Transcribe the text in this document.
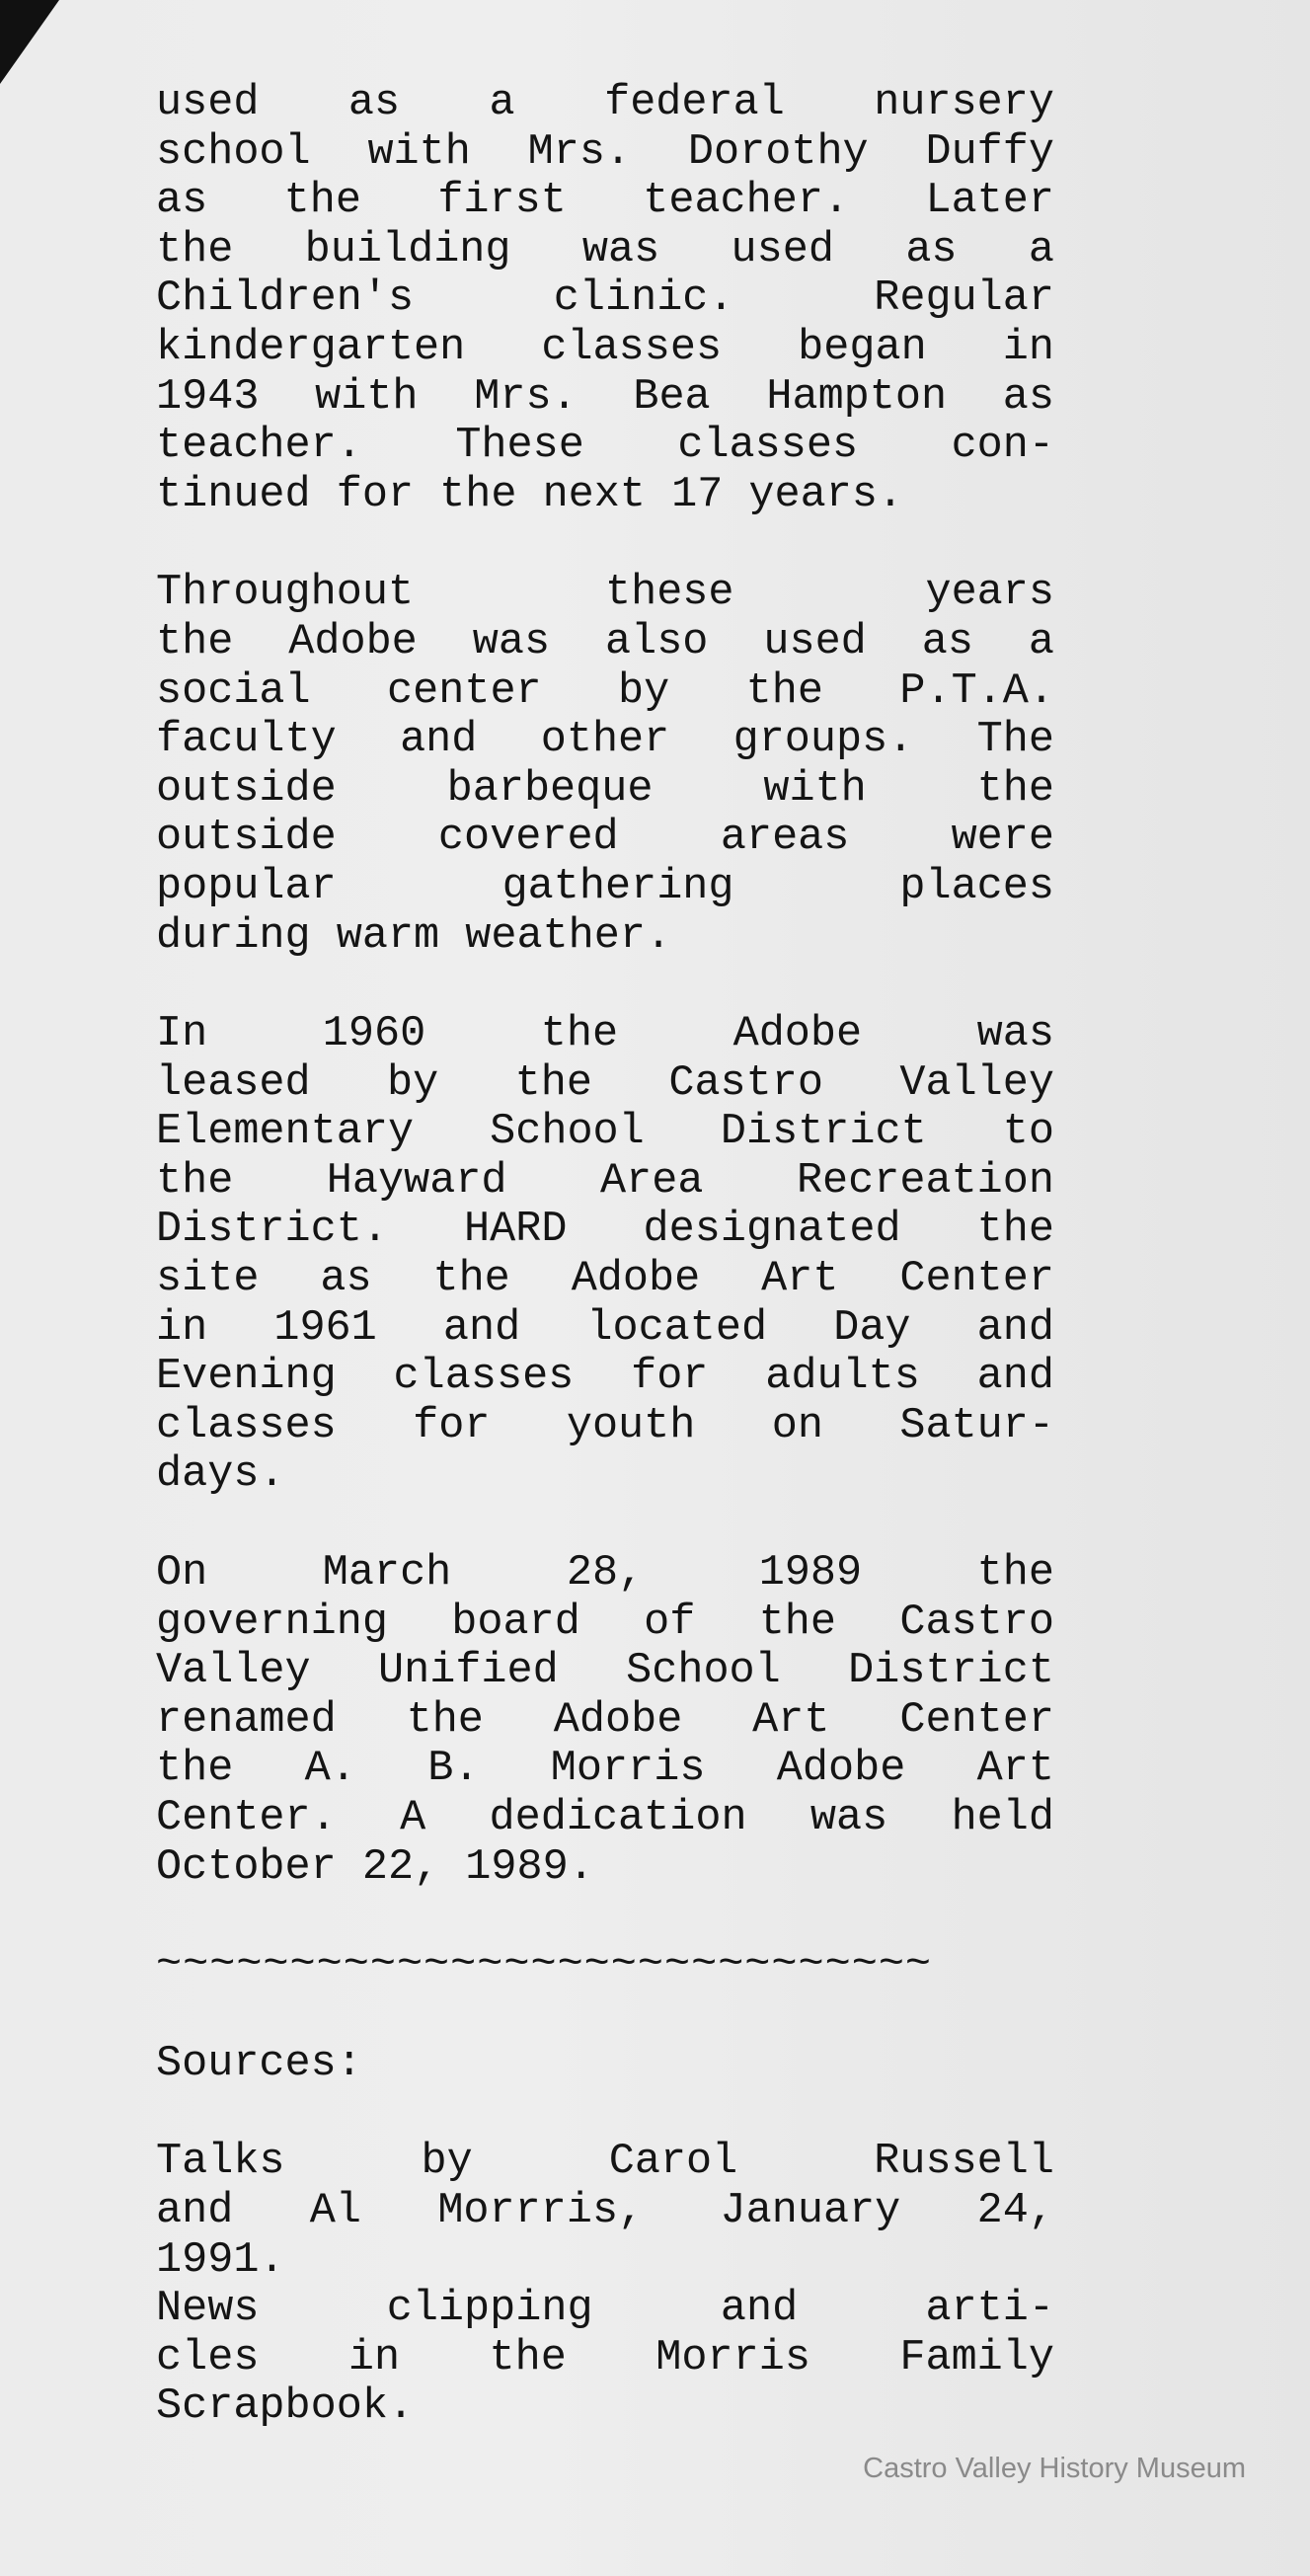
used as a federal nursery
school with Mrs. Dorothy Duffy
as the first teacher. Later
the building was used as a
Children's clinic. Regular
kindergarten classes began in
1943 with Mrs. Bea Hampton as
teacher. These classes con-
tinued for the next 17 years.
Throughout these years
the Adobe was also used as a
social center by the P.T.A.
faculty and other groups. The
outside barbeque with the
outside covered areas were
popular gathering places
during warm weather.
In 1960 the Adobe was
leased by the Castro Valley
Elementary School District to
the Hayward Area Recreation
District. HARD designated the
site as the Adobe Art Center
in 1961 and located Day and
Evening classes for adults and
classes for youth on Satur-
days.
On March 28, 1989 the
governing board of the Castro
Valley Unified School District
renamed the Adobe Art Center
the A. B. Morris Adobe Art
Center. A dedication was held
October 22, 1989.
~~~~~~~~~~~~~~~~~~~~~~~~~~~~~
Sources:
Talks by Carol Russell
and Al Morrris, January 24,
1991.
News clipping and arti-
cles in the Morris Family
Scrapbook.
Castro Valley History Museum
